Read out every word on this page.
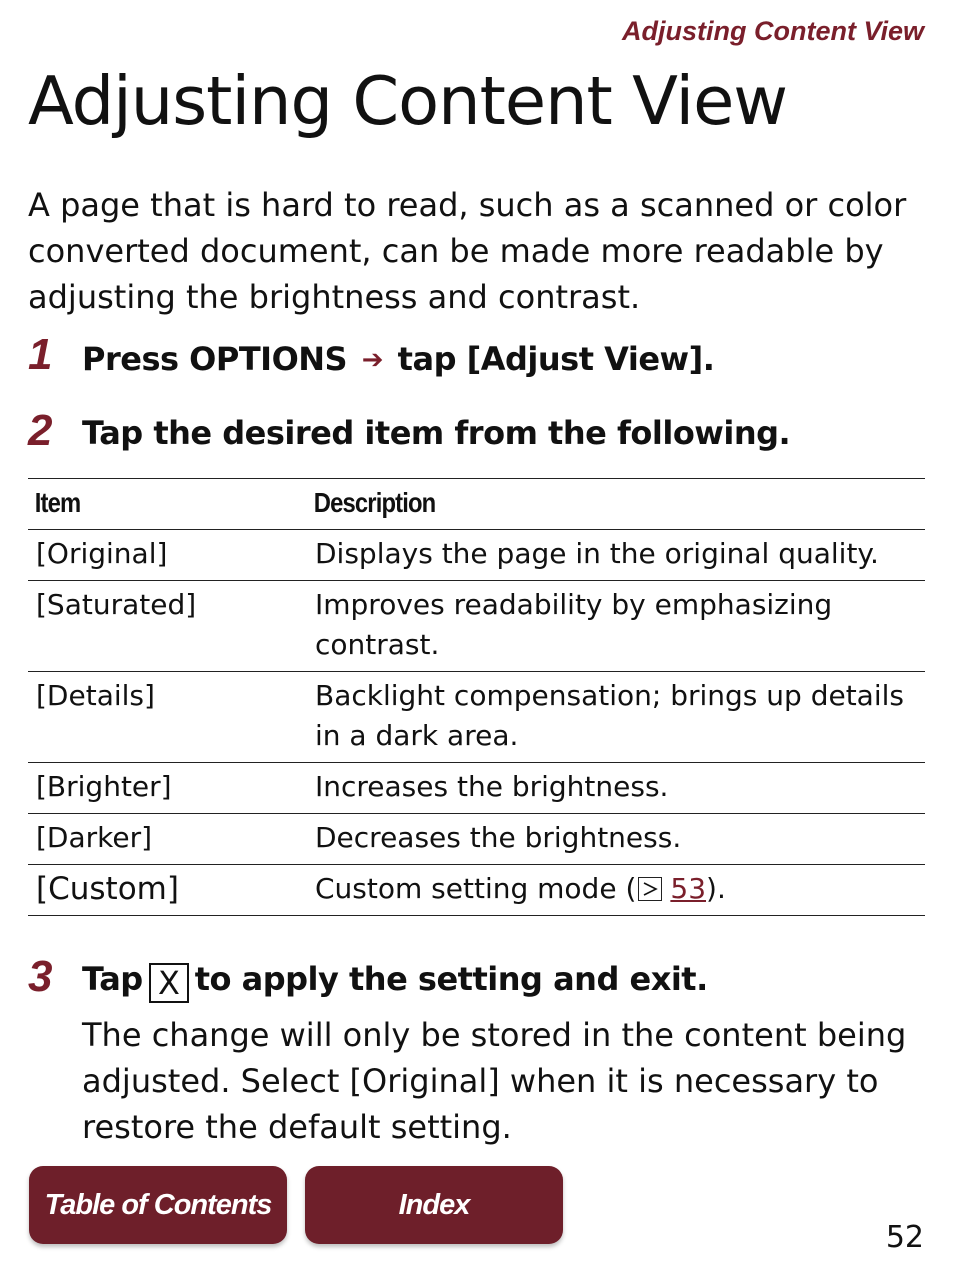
Adjusting Content View
Adjusting Content View

A page that is hard to read, such as a scanned or color converted document, can be made more readable by adjusting the brightness and contrast.

1 Press OPTIONS ➔ tap [Adjust View].
2 Tap the desired item from the following.
Item	Description
[Original]	Displays the page in the original quality.
[Saturated]	Improves readability by emphasizing contrast.
[Details]	Backlight compensation; brings up details in a dark area.
[Brighter]	Increases the brightness.
[Darker]	Decreases the brightness.
[Custom]	Custom setting mode ( 53).
3 Tap X to apply the setting and exit.

The change will only be stored in the content being adjusted. Select [Original] when it is necessary to restore the default setting.

Table of Contents	Index
52
